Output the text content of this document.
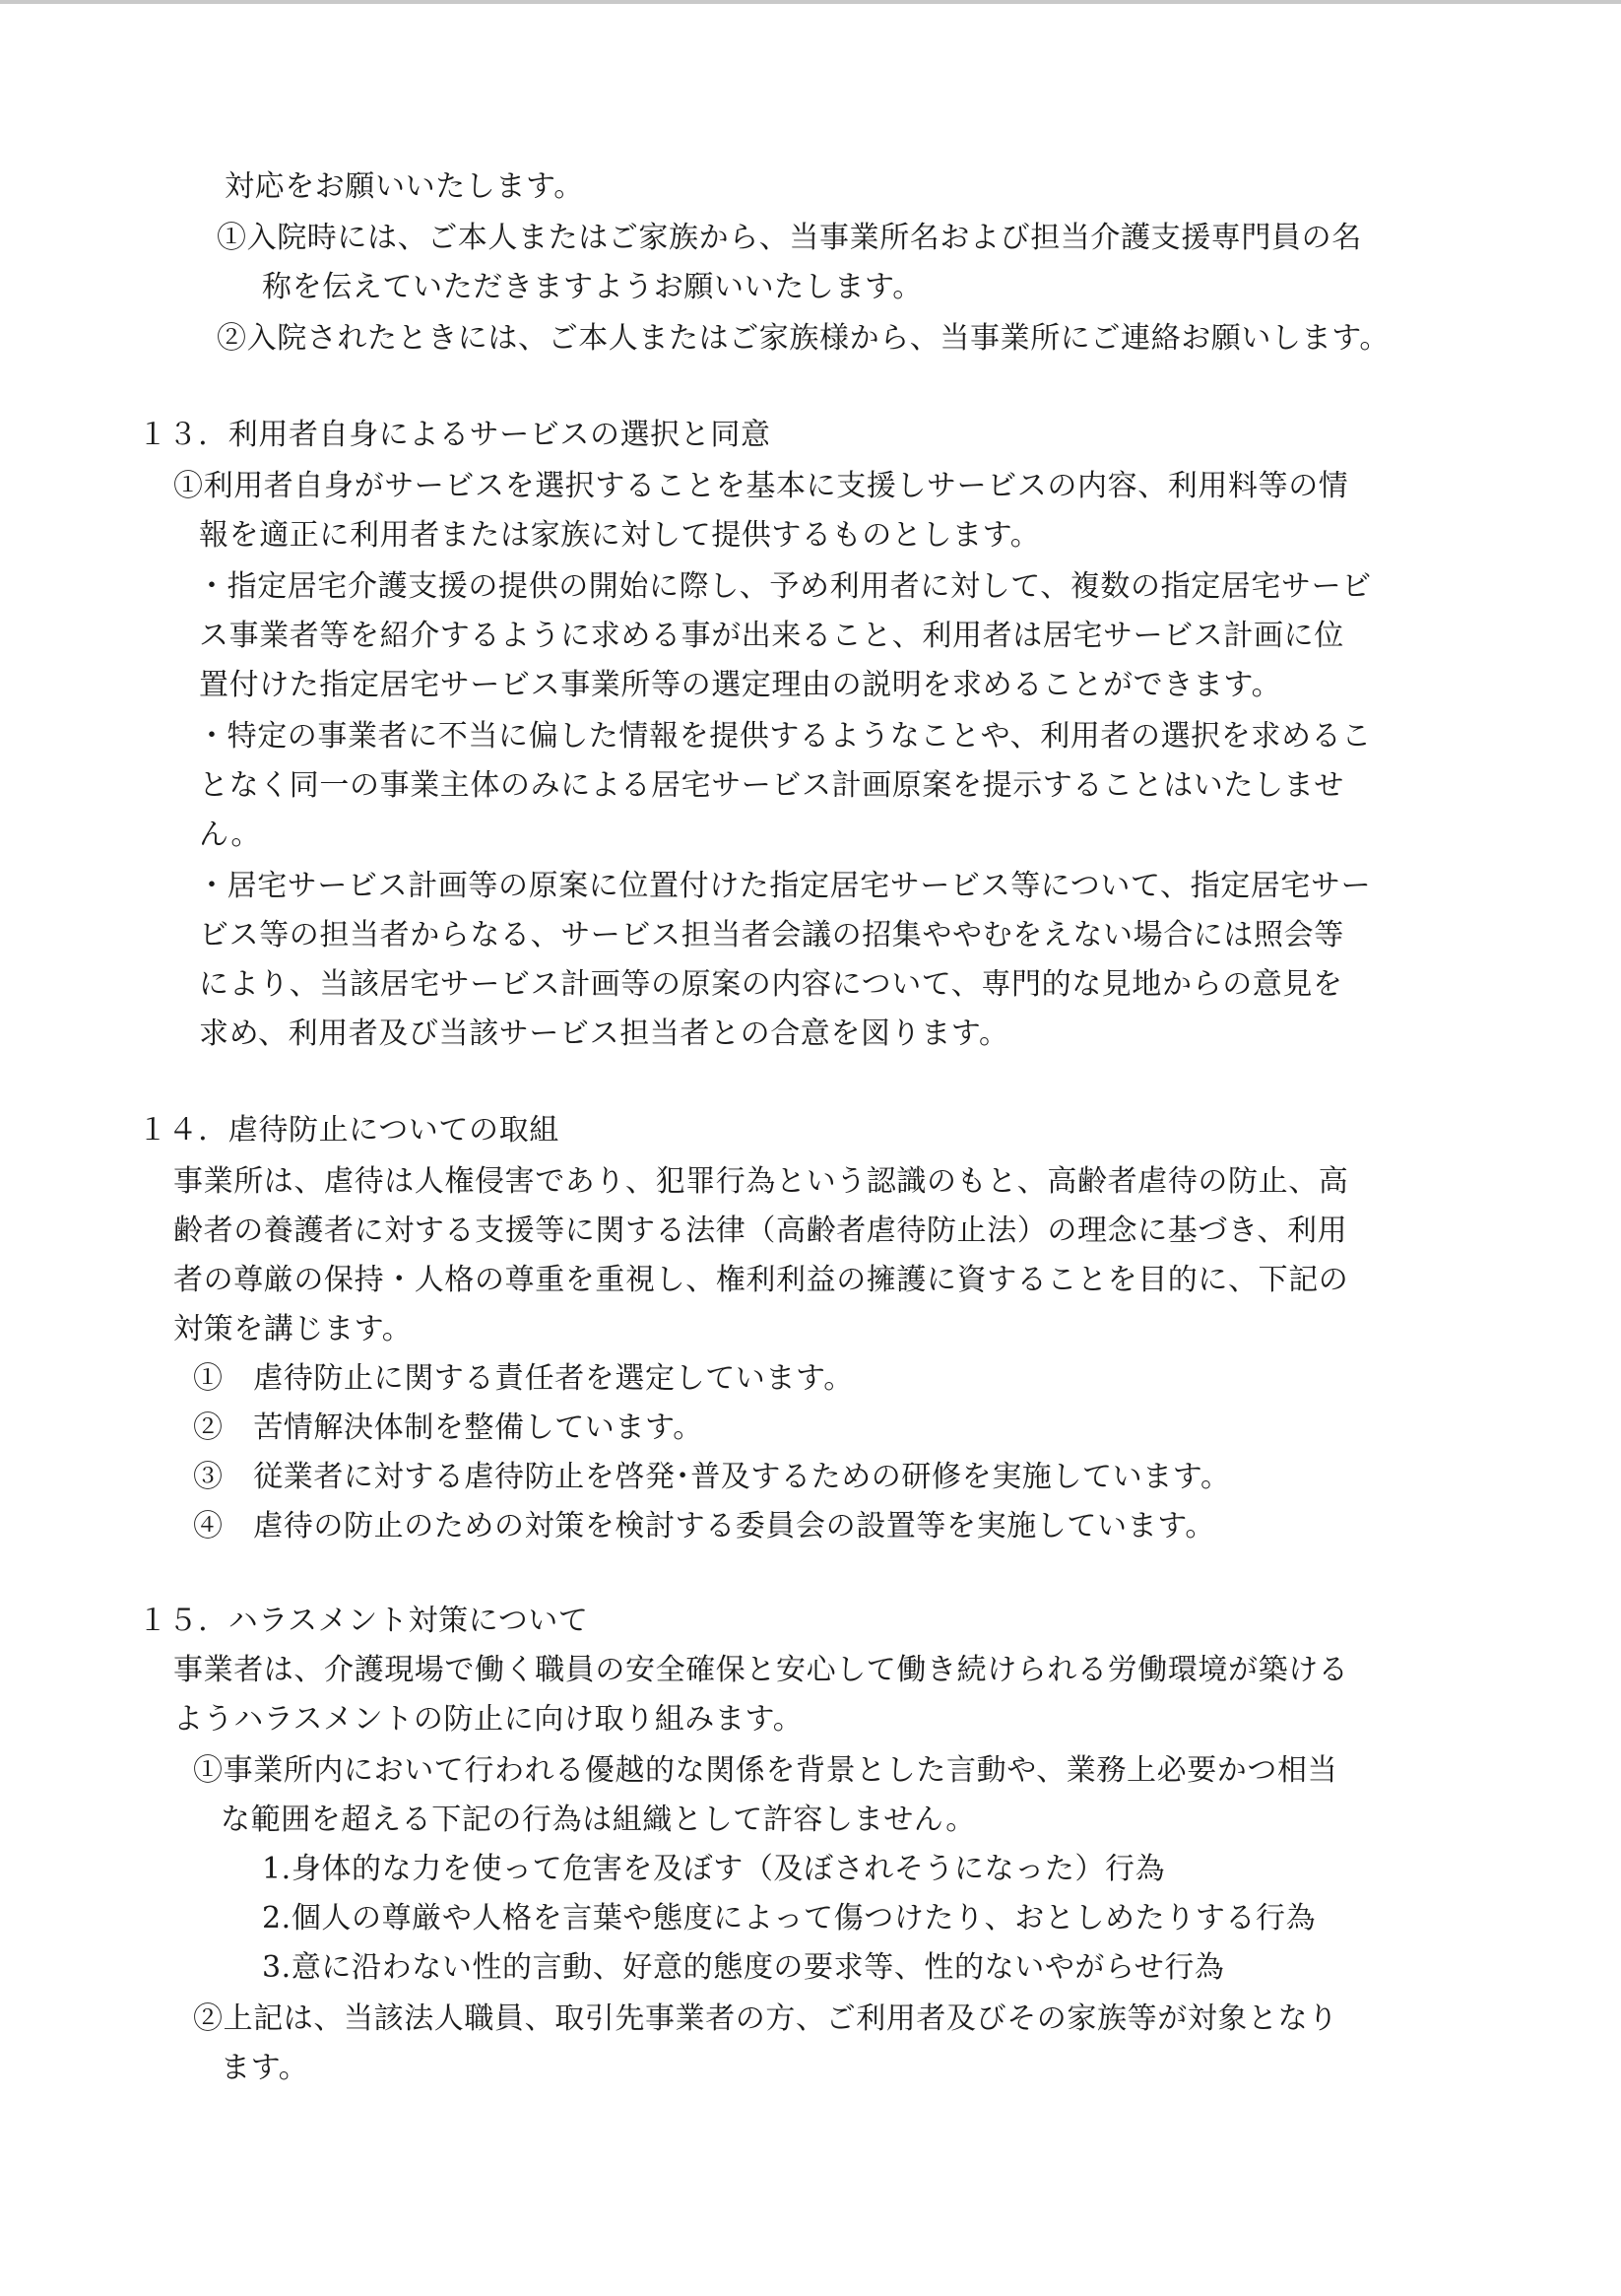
対応をお願いいたします。
①入院時には、ご本人またはご家族から、当事業所名および担当介護支援専門員の名
称を伝えていただきますようお願いいたします。
②入院されたときには、ご本人またはご家族様から、当事業所にご連絡お願いします。
１３．利用者自身によるサービスの選択と同意
①利用者自身がサービスを選択することを基本に支援しサービスの内容、利用料等の情
報を適正に利用者または家族に対して提供するものとします。
・指定居宅介護支援の提供の開始に際し、予め利用者に対して、複数の指定居宅サービ
ス事業者等を紹介するように求める事が出来ること、利用者は居宅サービス計画に位
置付けた指定居宅サービス事業所等の選定理由の説明を求めることができます。
・特定の事業者に不当に偏した情報を提供するようなことや、利用者の選択を求めるこ
となく同一の事業主体のみによる居宅サービス計画原案を提示することはいたしませ
ん。
・居宅サービス計画等の原案に位置付けた指定居宅サービス等について、指定居宅サー
ビス等の担当者からなる、サービス担当者会議の招集ややむをえない場合には照会等
により、当該居宅サービス計画等の原案の内容について、専門的な見地からの意見を
求め、利用者及び当該サービス担当者との合意を図ります。
１４．虐待防止についての取組
事業所は、虐待は人権侵害であり、犯罪行為という認識のもと、高齢者虐待の防止、高
齢者の養護者に対する支援等に関する法律（高齢者虐待防止法）の理念に基づき、利用
者の尊厳の保持・人格の尊重を重視し、権利利益の擁護に資することを目的に、下記の
対策を講じます。
①　虐待防止に関する責任者を選定しています。
②　苦情解決体制を整備しています。
③　従業者に対する虐待防止を啓発･普及するための研修を実施しています。
④　虐待の防止のための対策を検討する委員会の設置等を実施しています。
１５．ハラスメント対策について
事業者は、介護現場で働く職員の安全確保と安心して働き続けられる労働環境が築ける
ようハラスメントの防止に向け取り組みます。
①事業所内において行われる優越的な関係を背景とした言動や、業務上必要かつ相当
な範囲を超える下記の行為は組織として許容しません。
1.身体的な力を使って危害を及ぼす（及ぼされそうになった）行為
2.個人の尊厳や人格を言葉や態度によって傷つけたり、おとしめたりする行為
3.意に沿わない性的言動、好意的態度の要求等、性的ないやがらせ行為
②上記は、当該法人職員、取引先事業者の方、ご利用者及びその家族等が対象となり
ます。
